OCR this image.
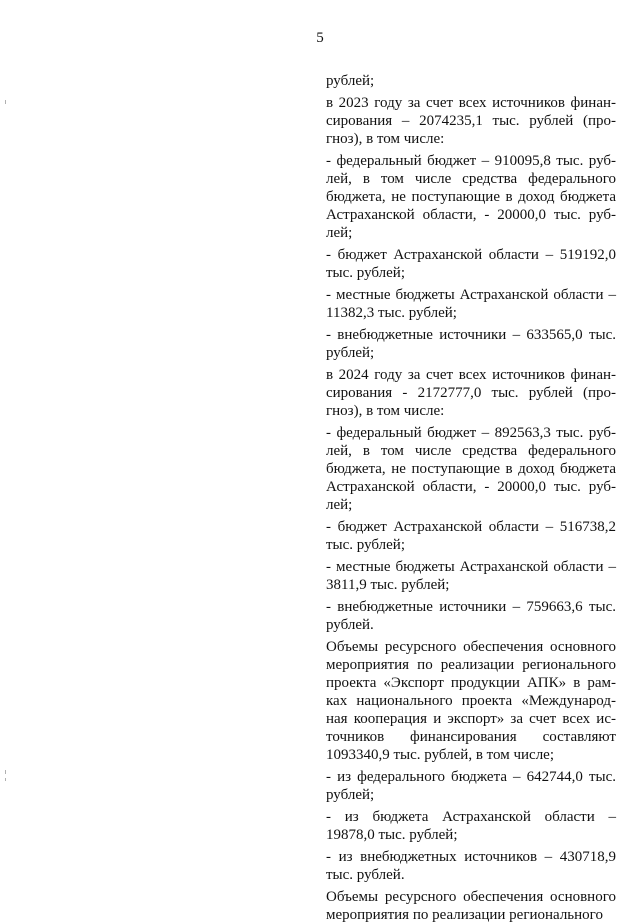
5
рублей;
в 2023 году за счет всех источников финан-
сирования – 2074235,1 тыс. рублей (про-
гноз), в том числе:
- федеральный бюджет – 910095,8 тыс. руб-
лей, в том числе средства федерального
бюджета, не поступающие в доход бюджета
Астраханской области, - 20000,0 тыс. руб-
лей;
- бюджет Астраханской области – 519192,0
тыс. рублей;
- местные бюджеты Астраханской области –
11382,3 тыс. рублей;
- внебюджетные источники – 633565,0 тыс.
рублей;
в 2024 году за счет всех источников финан-
сирования - 2172777,0 тыс. рублей (про-
гноз), в том числе:
- федеральный бюджет – 892563,3 тыс. руб-
лей, в том числе средства федерального
бюджета, не поступающие в доход бюджета
Астраханской области, - 20000,0 тыс. руб-
лей;
- бюджет Астраханской области – 516738,2
тыс. рублей;
- местные бюджеты Астраханской области –
3811,9 тыс. рублей;
- внебюджетные источники – 759663,6 тыс.
рублей.
Объемы ресурсного обеспечения основного
мероприятия по реализации регионального
проекта «Экспорт продукции АПК» в рам-
ках национального проекта «Международ-
ная кооперация и экспорт» за счет всех ис-
точников финансирования составляют
1093340,9 тыс. рублей, в том числе;
- из федерального бюджета – 642744,0 тыс.
рублей;
- из бюджета Астраханской области –
19878,0 тыс. рублей;
- из внебюджетных источников – 430718,9
тыс. рублей.
Объемы ресурсного обеспечения основного
мероприятия по реализации регионального
